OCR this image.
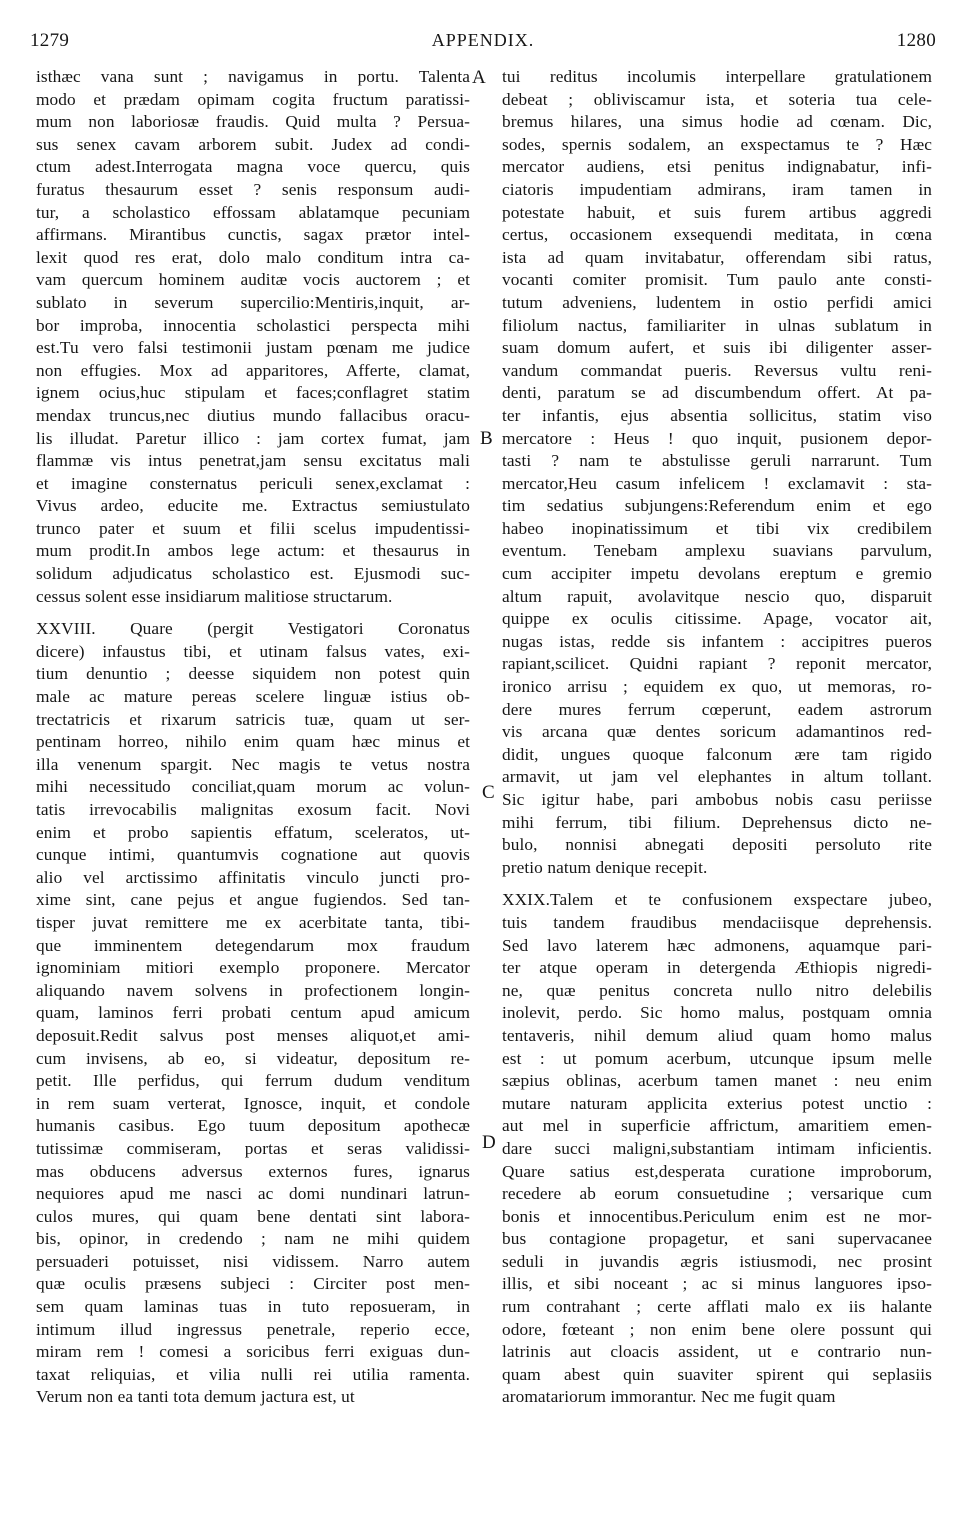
1279	APPENDIX.	1280
A
B
C
D
isthæc vana sunt ; navigamus in portu. Talenta
modo et prædam opimam cogita fructum paratissi-
mum non laboriosæ fraudis. Quid multa ? Persua-
sus senex cavam arborem subit. Judex ad condi-
ctum adest.Interrogata magna voce quercu, quis
furatus thesaurum esset ? senis responsum audi-
tur, a scholastico effossam ablatamque pecuniam
affirmans. Mirantibus cunctis, sagax prætor intel-
lexit quod res erat, dolo malo conditum intra ca-
vam quercum hominem auditæ vocis auctorem ; et
sublato in severum supercilio:Mentiris,inquit, ar-
bor improba, innocentia scholastici perspecta mihi
est.Tu vero falsi testimonii justam pœnam me judice
non effugies. Mox ad apparitores, Afferte, clamat,
ignem ocius,huc stipulam et faces;conflagret statim
mendax truncus,nec diutius mundo fallacibus oracu-
lis illudat. Paretur illico : jam cortex fumat, jam
flammæ vis intus penetrat,jam sensu excitatus mali
et imagine consternatus periculi senex,exclamat :
Vivus ardeo, educite me. Extractus semiustulato
trunco pater et suum et filii scelus impudentissi-
mum prodit.In ambos lege actum: et thesaurus in
solidum adjudicatus scholastico est. Ejusmodi suc-
cessus solent esse insidiarum malitiose structarum.
XXVIII. Quare (pergit Vestigatori Coronatus
dicere) infaustus tibi, et utinam falsus vates, exi-
tium denuntio ; deesse siquidem non potest quin
male ac mature pereas scelere linguæ istius ob-
trectatricis et rixarum satricis tuæ, quam ut ser-
pentinam horreo, nihilo enim quam hæc minus et
illa venenum spargit. Nec magis te vetus nostra
mihi necessitudo conciliat,quam morum ac volun-
tatis irrevocabilis malignitas exosum facit. Novi
enim et probo sapientis effatum, sceleratos, ut-
cunque intimi, quantumvis cognatione aut quovis
alio vel arctissimo affinitatis vinculo juncti pro-
xime sint, cane pejus et angue fugiendos. Sed tan-
tisper juvat remittere me ex acerbitate tanta, tibi-
que imminentem detegendarum mox fraudum
ignominiam mitiori exemplo proponere. Mercator
aliquando navem solvens in profectionem longin-
quam, laminos ferri probati centum apud amicum
deposuit.Redit salvus post menses aliquot,et ami-
cum invisens, ab eo, si videatur, depositum re-
petit. Ille perfidus, qui ferrum dudum venditum
in rem suam verterat, Ignosce, inquit, et condole
humanis casibus. Ego tuum depositum apothecæ
tutissimæ commiseram, portas et seras validissi-
mas obducens adversus externos fures, ignarus
nequiores apud me nasci ac domi nundinari latrun-
culos mures, qui quam bene dentati sint labora-
bis, opinor, in credendo ; nam ne mihi quidem
persuaderi potuisset, nisi vidissem. Narro autem
quæ oculis præsens subjeci : Circiter post men-
sem quam laminas tuas in tuto reposueram, in
intimum illud ingressus penetrale, reperio ecce,
miram rem ! comesi a soricibus ferri exiguas dun-
taxat reliquias, et vilia nulli rei utilia ramenta.
Verum non ea tanti tota demum jactura est, ut
tui reditus incolumis interpellare gratulationem
debeat ; obliviscamur ista, et soteria tua cele-
bremus hilares, una simus hodie ad cœnam. Dic,
sodes, spernis sodalem, an exspectamus te ? Hæc
mercator audiens, etsi penitus indignabatur, infi-
ciatoris impudentiam admirans, iram tamen in
potestate habuit, et suis furem artibus aggredi
certus, occasionem exsequendi meditata, in cœna
ista ad quam invitabatur, offerendam sibi ratus,
vocanti comiter promisit. Tum paulo ante consti-
tutum adveniens, ludentem in ostio perfidi amici
filiolum nactus, familiariter in ulnas sublatum in
suam domum aufert, et suis ibi diligenter asser-
vandum commandat pueris. Reversus vultu reni-
denti, paratum se ad discumbendum offert. At pa-
ter infantis, ejus absentia sollicitus, statim viso
mercatore : Heus ! quo inquit, pusionem depor-
tasti ? nam te abstulisse geruli narrarunt. Tum
mercator,Heu casum infelicem ! exclamavit : sta-
tim sedatius subjungens:Referendum enim et ego
habeo inopinatissimum et tibi vix credibilem
eventum. Tenebam amplexu suavians parvulum,
cum accipiter impetu devolans ereptum e gremio
altum rapuit, avolavitque nescio quo, disparuit
quippe ex oculis citissime. Apage, vocator ait,
nugas istas, redde sis infantem : accipitres pueros
rapiant,scilicet. Quidni rapiant ? reponit mercator,
ironico arrisu ; equidem ex quo, ut memoras, ro-
dere mures ferrum cœperunt, eadem astrorum
vis arcana quæ dentes soricum adamantinos red-
didit, ungues quoque falconum ære tam rigido
armavit, ut jam vel elephantes in altum tollant.
Sic igitur habe, pari ambobus nobis casu periisse
mihi ferrum, tibi filium. Deprehensus dicto ne-
bulo, nonnisi abnegati depositi persoluto rite
pretio natum denique recepit.
XXIX.Talem et te confusionem exspectare jubeo,
tuis tandem fraudibus mendaciisque deprehensis.
Sed lavo laterem hæc admonens, aquamque pari-
ter atque operam in detergenda Æthiopis nigredi-
ne, quæ penitus concreta nullo nitro delebilis
inolevit, perdo. Sic homo malus, postquam omnia
tentaveris, nihil demum aliud quam homo malus
est : ut pomum acerbum, utcunque ipsum melle
sæpius oblinas, acerbum tamen manet : neu enim
mutare naturam applicita exterius potest unctio :
aut mel in superficie affrictum, amaritiem emen-
dare succi maligni,substantiam intimam inficientis.
Quare satius est,desperata curatione improborum,
recedere ab eorum consuetudine ; versarique cum
bonis et innocentibus.Periculum enim est ne mor-
bus contagione propagetur, et sani supervacanee
seduli in juvandis ægris istiusmodi, nec prosint
illis, et sibi noceant ; ac si minus languores ipso-
rum contrahant ; certe afflati malo ex iis halante
odore, fœteant ; non enim bene olere possunt qui
latrinis aut cloacis assident, ut e contrario nun-
quam abest quin suaviter spirent qui seplasiis
aromatariorum immorantur. Nec me fugit quam
